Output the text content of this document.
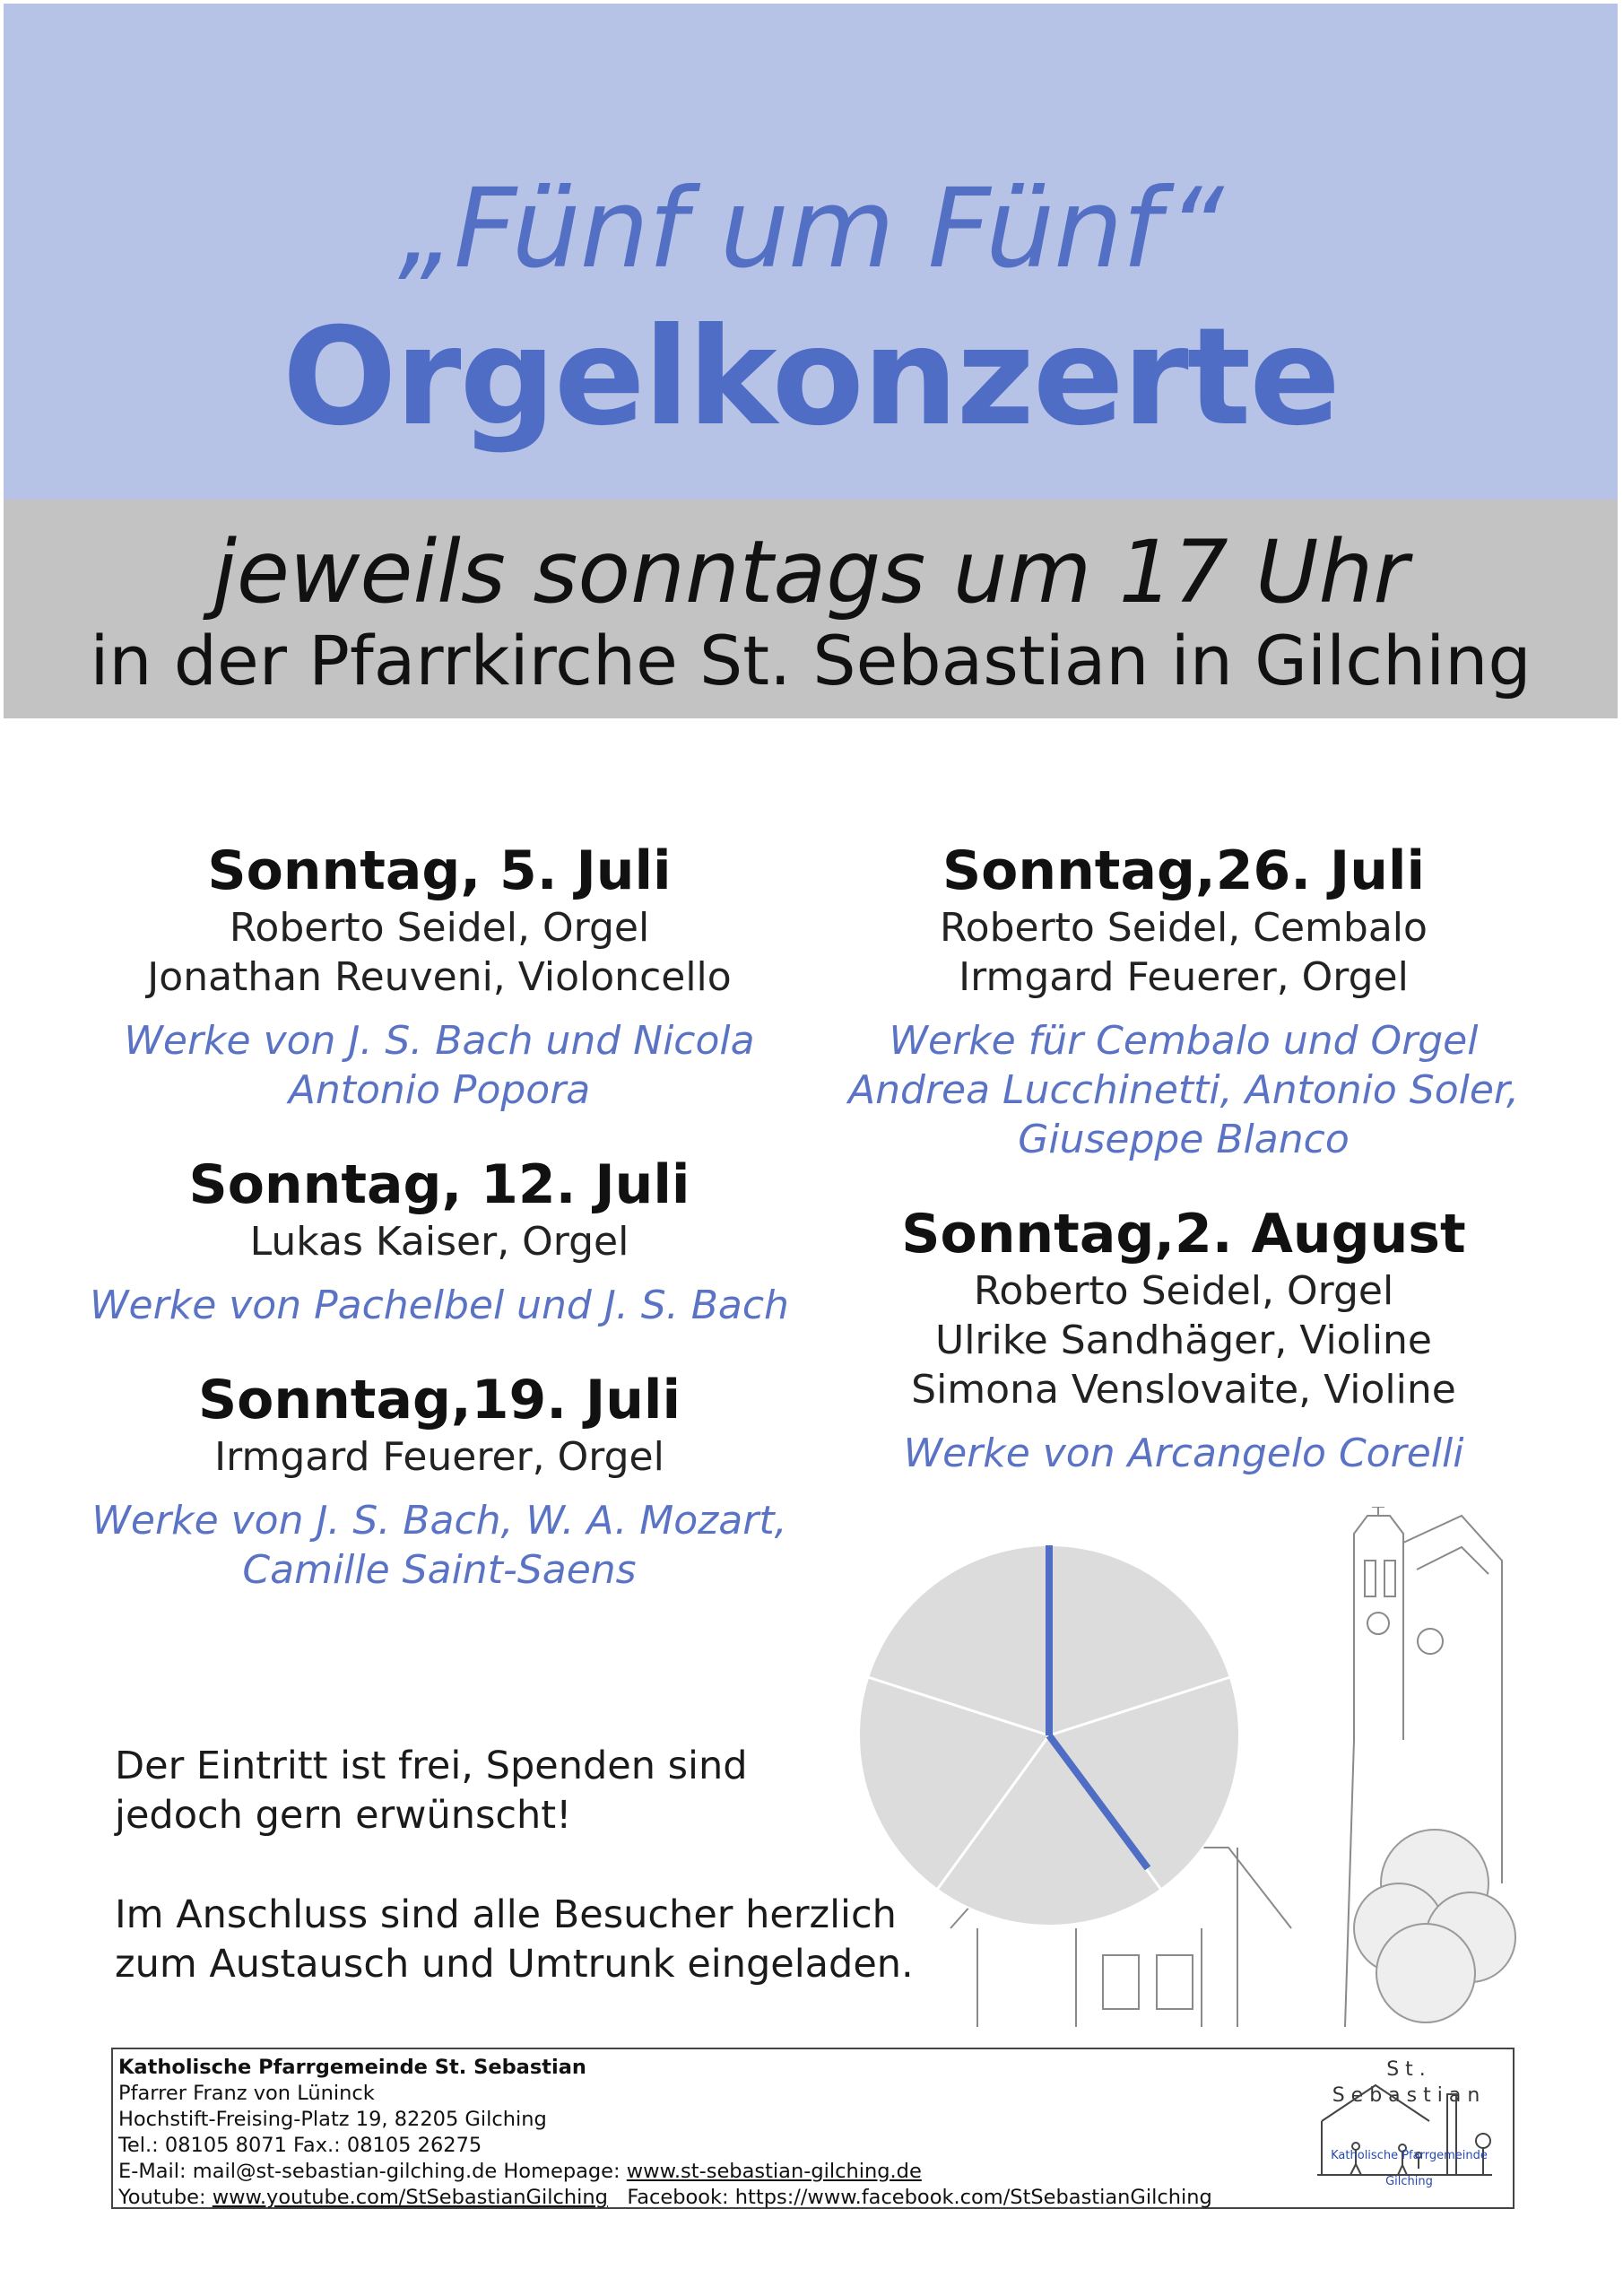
„Fünf um Fünf“
Orgelkonzerte
jeweils sonntags um 17 Uhr
in der Pfarrkirche St. Sebastian in Gilching
Sonntag, 5. Juli
Roberto Seidel, Orgel
Jonathan Reuveni, Violoncello
Werke von J. S. Bach und Nicola
Antonio Popora
Sonntag, 12. Juli
Lukas Kaiser, Orgel
Werke von Pachelbel und J. S. Bach
Sonntag,19. Juli
Irmgard Feuerer, Orgel
Werke von J. S. Bach, W. A. Mozart,
Camille Saint-Saens
Sonntag,26. Juli
Roberto Seidel, Cembalo
Irmgard Feuerer, Orgel
Werke für Cembalo und Orgel
Andrea Lucchinetti, Antonio Soler,
Giuseppe Blanco
Sonntag,2. August
Roberto Seidel, Orgel
Ulrike Sandhäger, Violine
Simona Venslovaite, Violine
Werke von Arcangelo Corelli
Der Eintritt ist frei, Spenden sind
jedoch gern erwünscht!
Im Anschluss sind alle Besucher herzlich
zum Austausch und Umtrunk eingeladen.
Katholische Pfarrgemeinde St. Sebastian
Pfarrer Franz von Lüninck
Hochstift-Freising-Platz 19, 82205 Gilching
Tel.: 08105 8071 Fax.: 08105 26275
E-Mail: mail@st-sebastian-gilching.de Homepage: www.st-sebastian-gilching.de
Youtube: www.youtube.com/StSebastianGilching   Facebook: https://www.facebook.com/StSebastianGilching
St. Sebastian
Katholische Pfarrgemeinde Gilching
